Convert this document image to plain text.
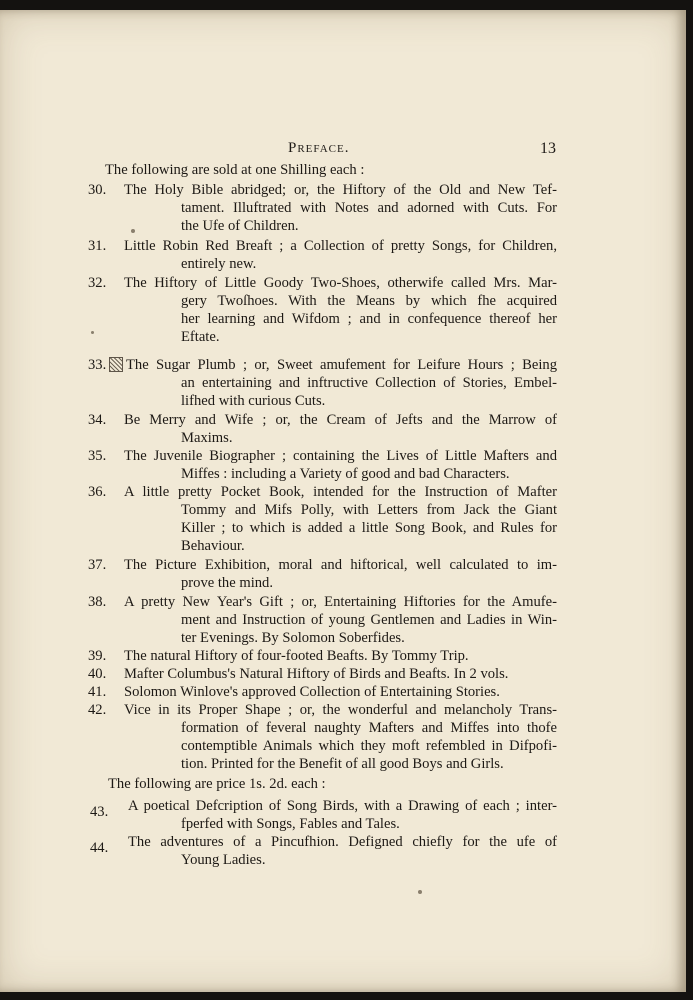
Preface.	13
The following are sold at one Shilling each :
30. The Holy Bible abridged; or, the Hiftory of the Old and New Tef-
tament. Illuftrated with Notes and adorned with Cuts. For
the Ufe of Children.
31. Little Robin Red Breaft ; a Collection of pretty Songs, for Children,
entirely new.
32. The Hiftory of Little Goody Two-Shoes, otherwife called Mrs. Mar-
gery Twoſhoes. With the Means by which fhe acquired
her learning and Wifdom ; and in confequence thereof her
Eftate.
33. The Sugar Plumb ; or, Sweet amufement for Leifure Hours ; Being
an entertaining and inftructive Collection of Stories, Embel-
lifhed with curious Cuts.
34. Be Merry and Wife ; or, the Cream of Jefts and the Marrow of
Maxims.
35. The Juvenile Biographer ; containing the Lives of Little Mafters and
Miffes : including a Variety of good and bad Characters.
36. A little pretty Pocket Book, intended for the Instruction of Mafter
Tommy and Mifs Polly, with Letters from Jack the Giant
Killer ; to which is added a little Song Book, and Rules for
Behaviour.
37. The Picture Exhibition, moral and hiftorical, well calculated to im-
prove the mind.
38. A pretty New Year's Gift ; or, Entertaining Hiftories for the Amufe-
ment and Instruction of young Gentlemen and Ladies in Win-
ter Evenings. By Solomon Soberfides.
39. The natural Hiftory of four-footed Beafts. By Tommy Trip.
40. Mafter Columbus's Natural Hiftory of Birds and Beafts. In 2 vols.
41. Solomon Winlove's approved Collection of Entertaining Stories.
42. Vice in its Proper Shape ; or, the wonderful and melancholy Trans-
formation of feveral naughty Mafters and Miffes into thofe
contemptible Animals which they moft refembled in Difpofi-
tion. Printed for the Benefit of all good Boys and Girls.
The following are price 1s. 2d. each :
43. A poetical Defcription of Song Birds, with a Drawing of each ; inter-
fperfed with Songs, Fables and Tales.
44. The adventures of a Pincufhion. Defigned chiefly for the ufe of
Young Ladies.
